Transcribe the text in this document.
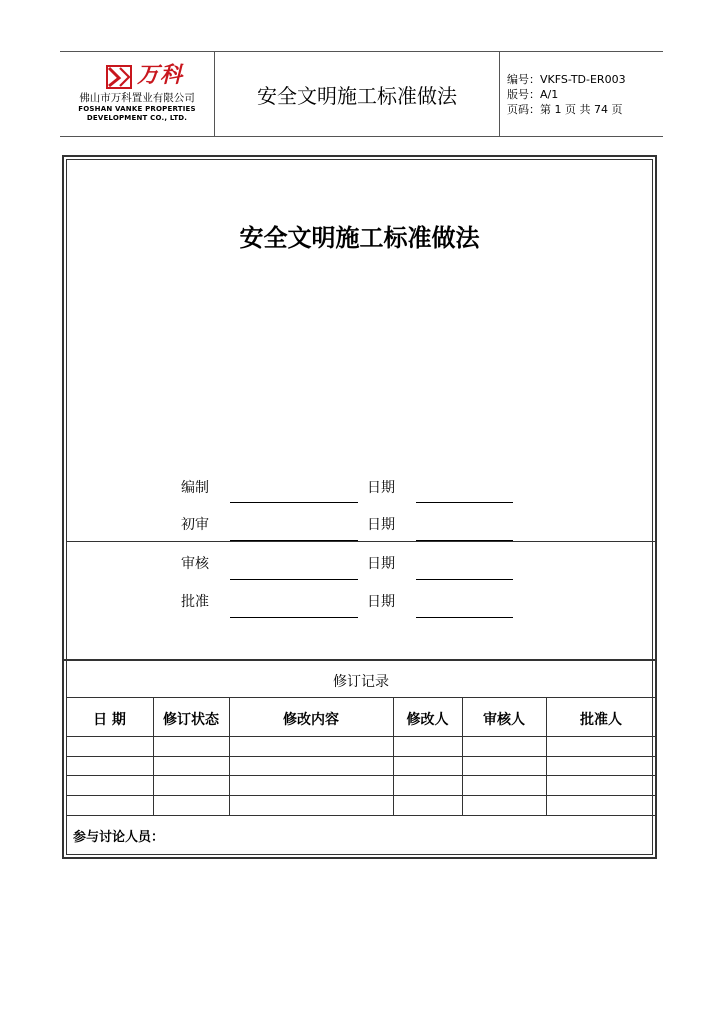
万科
佛山市万科置业有限公司
FOSHAN VANKE PROPERTIES
DEVELOPMENT CO., LTD.
安全文明施工标准做法
编号：VKFS-TD-ER003
版号：A/1
页码：第 1 页 共 74 页
安全文明施工标准做法
编制	日期
初审	日期
审核	日期
批准	日期
修订记录
日 期	修订状态	修改内容	修改人	审核人	批准人
参与讨论人员：
